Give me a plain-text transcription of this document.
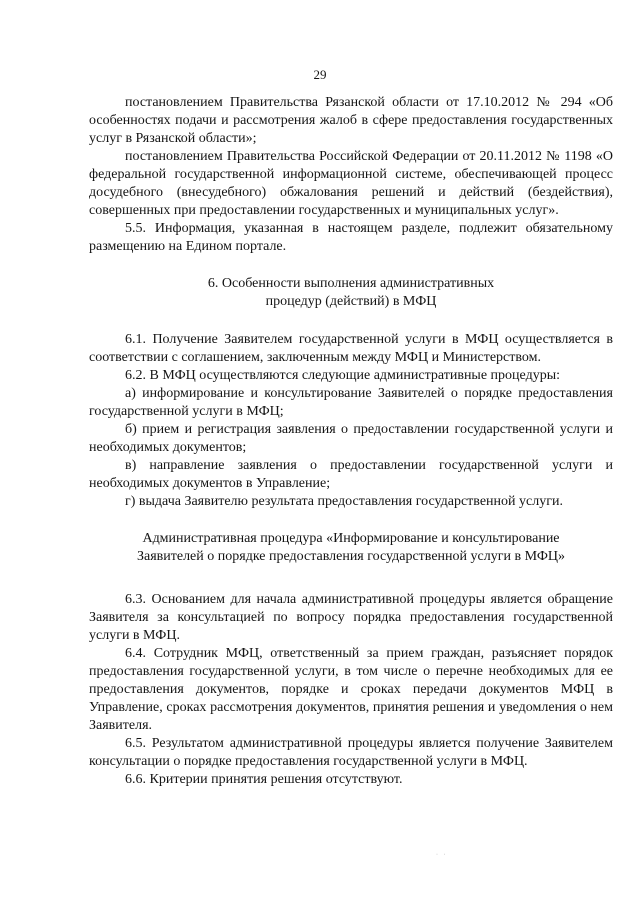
29

постановлением Правительства Рязанской области от 17.10.2012 № 294 «Об особенностях подачи и рассмотрения жалоб в сфере предоставления государственных услуг в Рязанской области»;

постановлением Правительства Российской Федерации от 20.11.2012 № 1198 «О федеральной государственной информационной системе, обеспечивающей процесс досудебного (внесудебного) обжалования решений и действий (бездействия), совершенных при предоставлении государственных и муниципальных услуг».

5.5. Информация, указанная в настоящем разделе, подлежит обязательному размещению на Едином портале.

6. Особенности выполнения административных

процедур (действий) в МФЦ

6.1. Получение Заявителем государственной услуги в МФЦ осуществляется в соответствии с соглашением, заключенным между МФЦ и Министерством.

6.2. В МФЦ осуществляются следующие административные процедуры:

а) информирование и консультирование Заявителей о порядке предоставления государственной услуги в МФЦ;

б) прием и регистрация заявления о предоставлении государственной услуги и необходимых документов;

в) направление заявления о предоставлении государственной услуги и необходимых документов в Управление;

г) выдача Заявителю результата предоставления государственной услуги.

Административная процедура «Информирование и консультирование

Заявителей о порядке предоставления государственной услуги в МФЦ»

6.3. Основанием для начала административной процедуры является обращение Заявителя за консультацией по вопросу порядка предоставления государственной услуги в МФЦ.

6.4. Сотрудник МФЦ, ответственный за прием граждан, разъясняет порядок предоставления государственной услуги, в том числе о перечне необходимых для ее предоставления документов, порядке и сроках передачи документов МФЦ в Управление, сроках рассмотрения документов, принятия решения и уведомления о нем Заявителя.

6.5. Результатом административной процедуры является получение Заявителем консультации о порядке предоставления государственной услуги в МФЦ.

6.6. Критерии принятия решения отсутствуют.

· ·
